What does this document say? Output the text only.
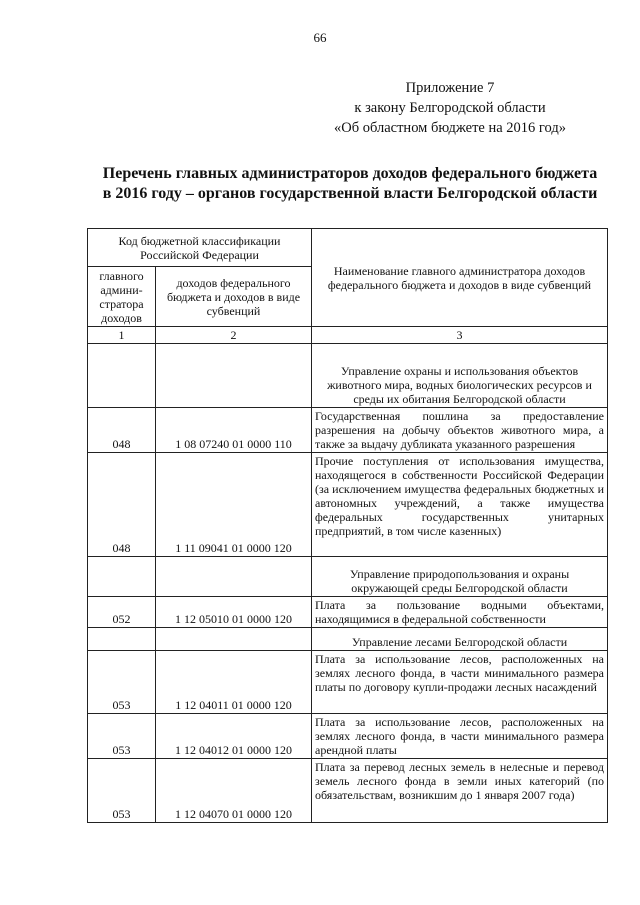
66
Приложение 7
к закону Белгородской области
«Об областном бюджете на 2016 год»
Перечень главных администраторов доходов федерального бюджета
в 2016 году – органов государственной власти Белгородской области
Код бюджетной классификации Российской Федерации		Наименование главного администратора доходов федерального бюджета и доходов в виде субвенций
главного админи-стратора доходов	доходов федерального бюджета и доходов в виде субвенций	
1	2	3
		Управление охраны и использования объектов животного мира, водных биологических ресурсов и среды их обитания Белгородской области
048	1 08 07240 01 0000 110	Государственная пошлина за предоставление разрешения на добычу объектов животного мира, а также за выдачу дубликата указанного разрешения
048	1 11 09041 01 0000 120	Прочие поступления от использования имущества, находящегося в собственности Российской Федерации (за исключением имущества федеральных бюджетных и автономных учреждений, а также имущества федеральных государственных унитарных предприятий, в том числе казенных)
		Управление природопользования и охраны окружающей среды Белгородской области
052	1 12 05010 01 0000 120	Плата за пользование водными объектами, находящимися в федеральной собственности
		Управление лесами Белгородской области
053	1 12 04011 01 0000 120	Плата за использование лесов, расположенных на землях лесного фонда, в части минимального размера платы по договору купли-продажи лесных насаждений
053	1 12 04012 01 0000 120	Плата за использование лесов, расположенных на землях лесного фонда, в части минимального размера арендной платы
053	1 12 04070 01 0000 120	Плата за перевод лесных земель в нелесные и перевод земель лесного фонда в земли иных категорий (по обязательствам, возникшим до 1 января 2007 года)
